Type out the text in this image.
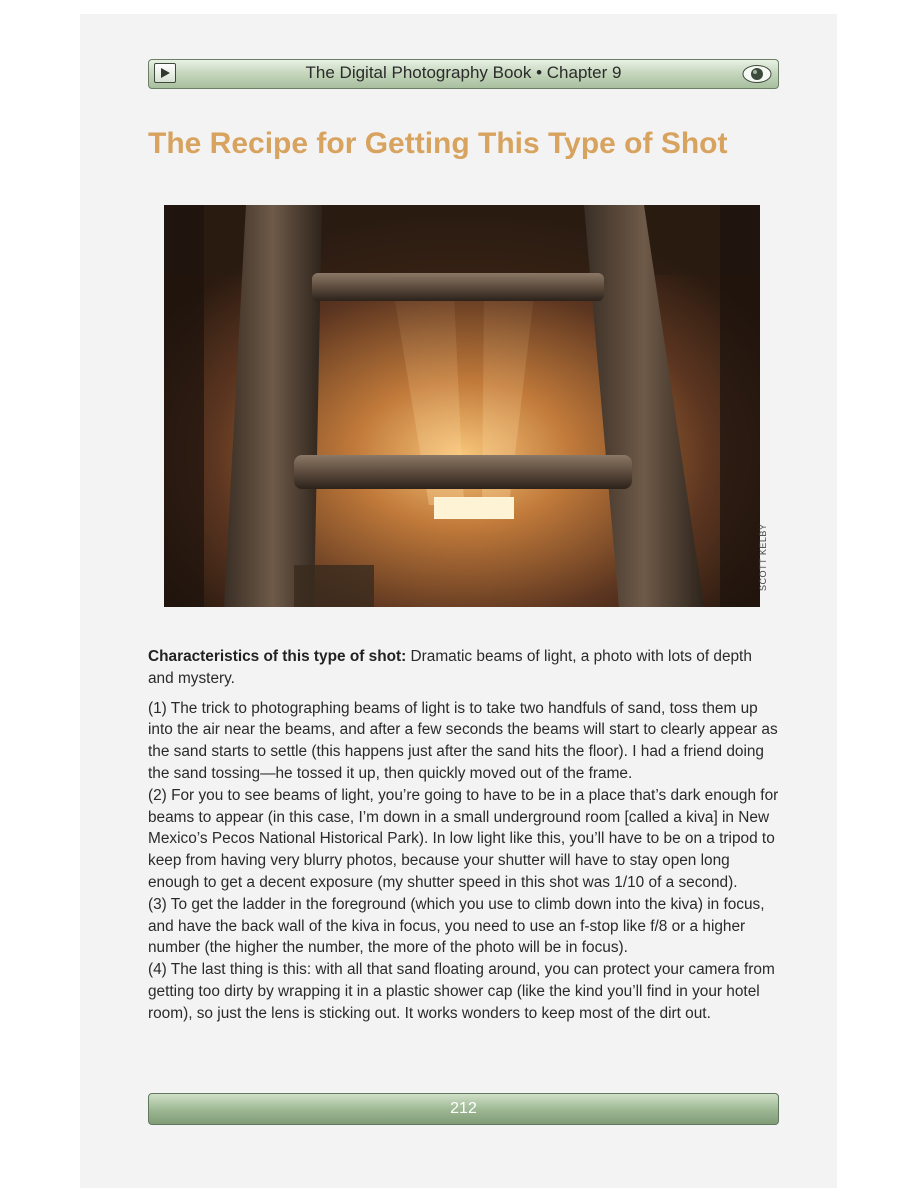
The Digital Photography Book • Chapter 9
The Recipe for Getting This Type of Shot
SCOTT KELBY

Characteristics of this type of shot: Dramatic beams of light, a photo with lots of depth and mystery.

(1) The trick to photographing beams of light is to take two handfuls of sand, toss them up into the air near the beams, and after a few seconds the beams will start to clearly appear as the sand starts to settle (this happens just after the sand hits the floor). I had a friend doing the sand tossing—he tossed it up, then quickly moved out of the frame.

(2) For you to see beams of light, you’re going to have to be in a place that’s dark enough for beams to appear (in this case, I’m down in a small underground room [called a kiva] in New Mexico’s Pecos National Historical Park). In low light like this, you’ll have to be on a tripod to keep from having very blurry photos, because your shutter will have to stay open long enough to get a decent exposure (my shutter speed in this shot was 1/10 of a second).

(3) To get the ladder in the foreground (which you use to climb down into the kiva) in focus, and have the back wall of the kiva in focus, you need to use an f-stop like f/8 or a higher number (the higher the number, the more of the photo will be in focus).

(4) The last thing is this: with all that sand floating around, you can protect your camera from getting too dirty by wrapping it in a plastic shower cap (like the kind you’ll find in your hotel room), so just the lens is sticking out. It works wonders to keep most of the dirt out.

212
